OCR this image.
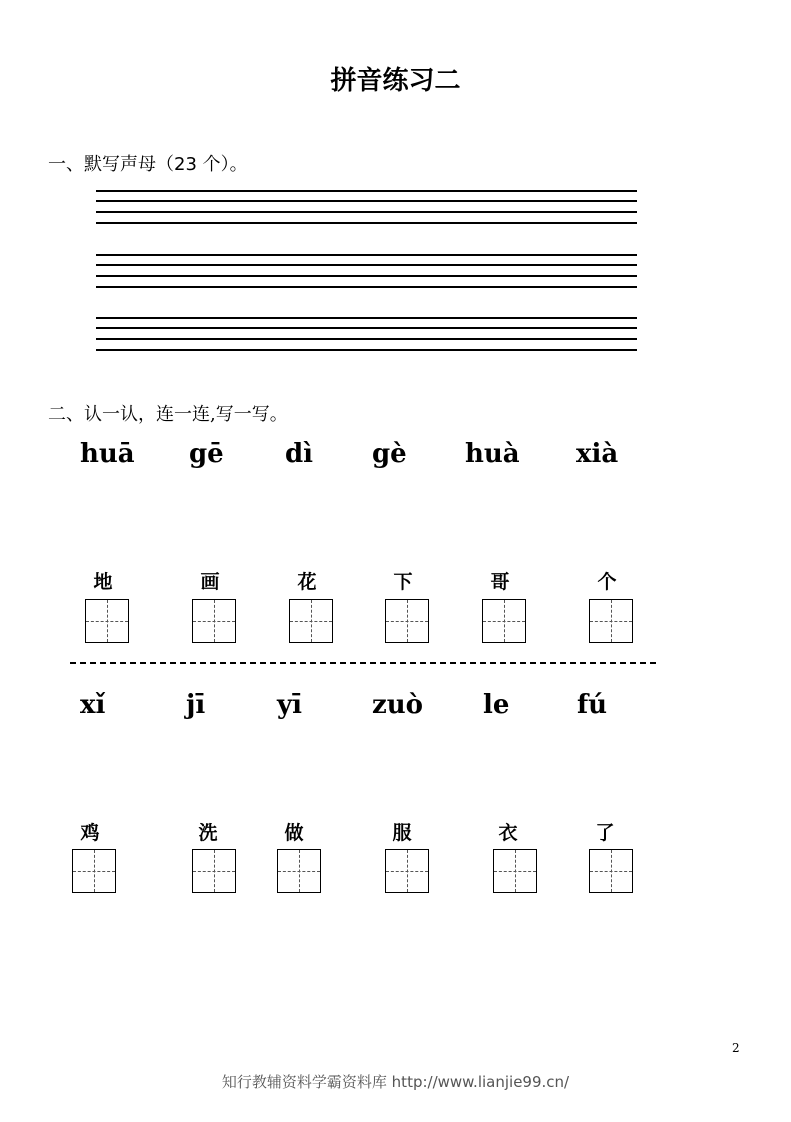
拼音练习二
一、默写声母（23 个）。
二、认一认，连一连,写一写。
huā gē dì gè huà xià
地	画	花	下	哥	个
xǐ	jī	yī	zuò le	fú
鸡	洗	做	服	衣	了
2
知行教辅资料学霸资料库 http://www.lianjie99.cn/
